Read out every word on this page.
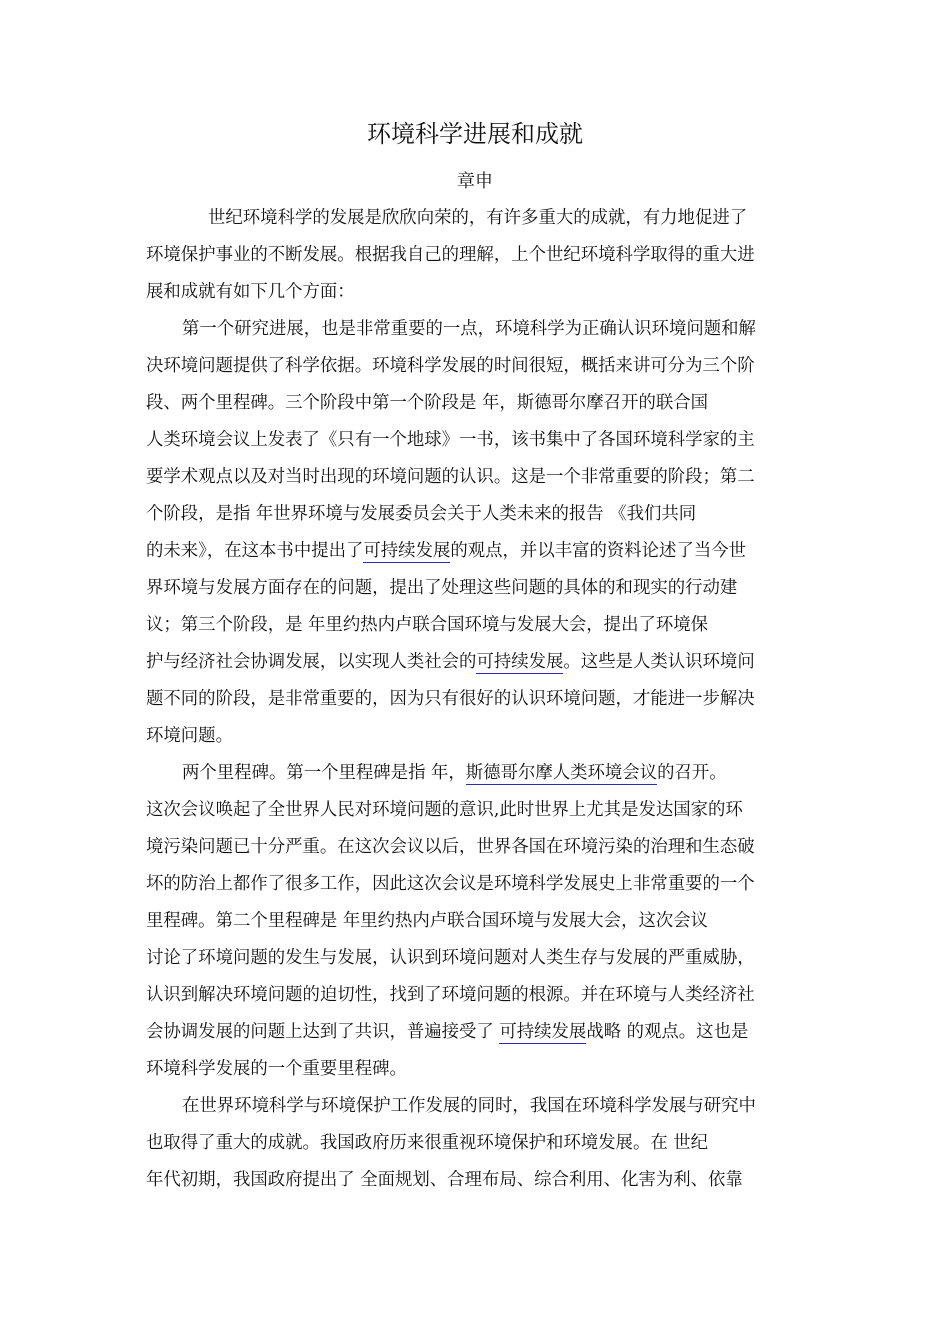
环境科学进展和成就
章申
世纪环境科学的发展是欣欣向荣的，有许多重大的成就，有力地促进了
环境保护事业的不断发展。根据我自己的理解，上个世纪环境科学取得的重大进
展和成就有如下几个方面：
第一个研究进展，也是非常重要的一点，环境科学为正确认识环境问题和解
决环境问题提供了科学依据。环境科学发展的时间很短，概括来讲可分为三个阶
段、两个里程碑。三个阶段中第一个阶段是 年，斯德哥尔摩召开的联合国
人类环境会议上发表了《只有一个地球》一书，该书集中了各国环境科学家的主
要学术观点以及对当时出现的环境问题的认识。这是一个非常重要的阶段；第二
个阶段，是指 年世界环境与发展委员会关于人类未来的报告 《我们共同
的未来》，在这本书中提出了可持续发展的观点，并以丰富的资料论述了当今世
界环境与发展方面存在的问题，提出了处理这些问题的具体的和现实的行动建
议；第三个阶段，是 年里约热内卢联合国环境与发展大会，提出了环境保
护与经济社会协调发展，以实现人类社会的可持续发展。这些是人类认识环境问
题不同的阶段，是非常重要的，因为只有很好的认识环境问题，才能进一步解决
环境问题。
两个里程碑。第一个里程碑是指 年，斯德哥尔摩人类环境会议的召开。
这次会议唤起了全世界人民对环境问题的意识,此时世界上尤其是发达国家的环
境污染问题已十分严重。在这次会议以后，世界各国在环境污染的治理和生态破
坏的防治上都作了很多工作，因此这次会议是环境科学发展史上非常重要的一个
里程碑。第二个里程碑是 年里约热内卢联合国环境与发展大会，这次会议
讨论了环境问题的发生与发展，认识到环境问题对人类生存与发展的严重威胁，
认识到解决环境问题的迫切性，找到了环境问题的根源。并在环境与人类经济社
会协调发展的问题上达到了共识，普遍接受了 可持续发展战略 的观点。这也是
环境科学发展的一个重要里程碑。
在世界环境科学与环境保护工作发展的同时，我国在环境科学发展与研究中
也取得了重大的成就。我国政府历来很重视环境保护和环境发展。在 世纪
年代初期，我国政府提出了 全面规划、合理布局、综合利用、化害为利、依靠
